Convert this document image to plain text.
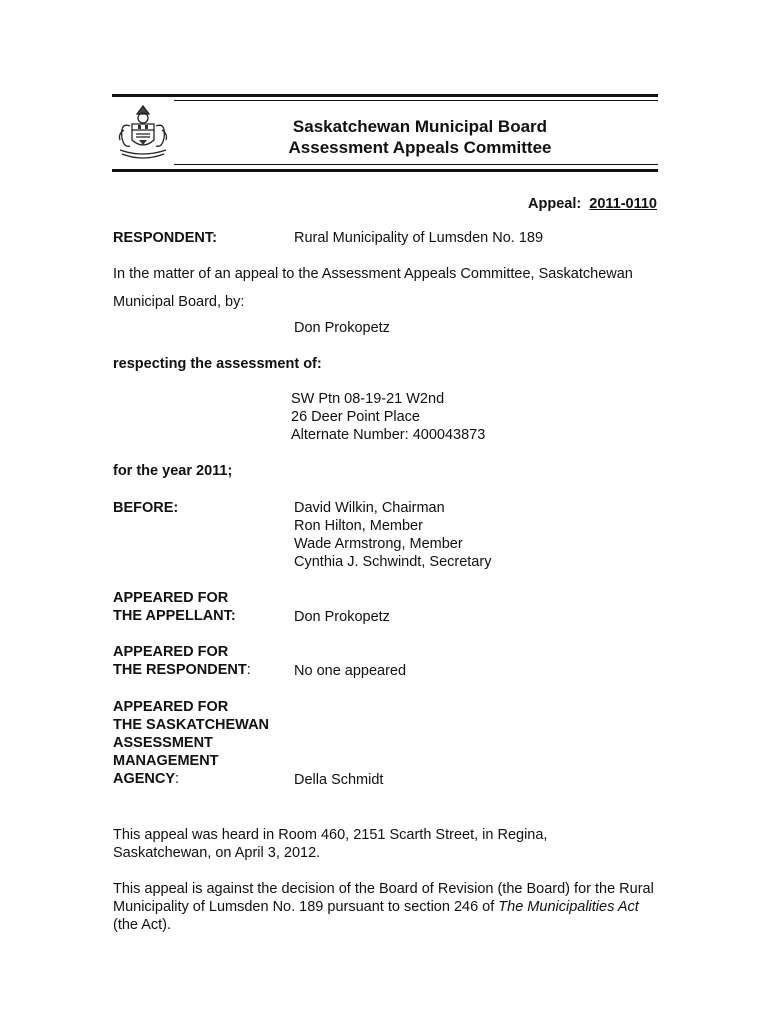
Saskatchewan Municipal Board
Assessment Appeals Committee
Appeal: 2011-0110
RESPONDENT:	Rural Municipality of Lumsden No. 189
In the matter of an appeal to the Assessment Appeals Committee, Saskatchewan
Municipal Board, by:
Don Prokopetz
respecting the assessment of:
SW Ptn 08-19-21 W2nd
26 Deer Point Place
Alternate Number: 400043873
for the year 2011;
BEFORE:	David Wilkin, Chairman
Ron Hilton, Member
Wade Armstrong, Member
Cynthia J. Schwindt, Secretary
APPEARED FOR
THE APPELLANT:	Don Prokopetz
APPEARED FOR
THE RESPONDENT:	No one appeared
APPEARED FOR
THE SASKATCHEWAN
ASSESSMENT
MANAGEMENT
AGENCY:	Della Schmidt
This appeal was heard in Room 460, 2151 Scarth Street, in Regina,
Saskatchewan, on April 3, 2012.
This appeal is against the decision of the Board of Revision (the Board) for the Rural
Municipality of Lumsden No. 189 pursuant to section 246 of The Municipalities Act
(the Act).
